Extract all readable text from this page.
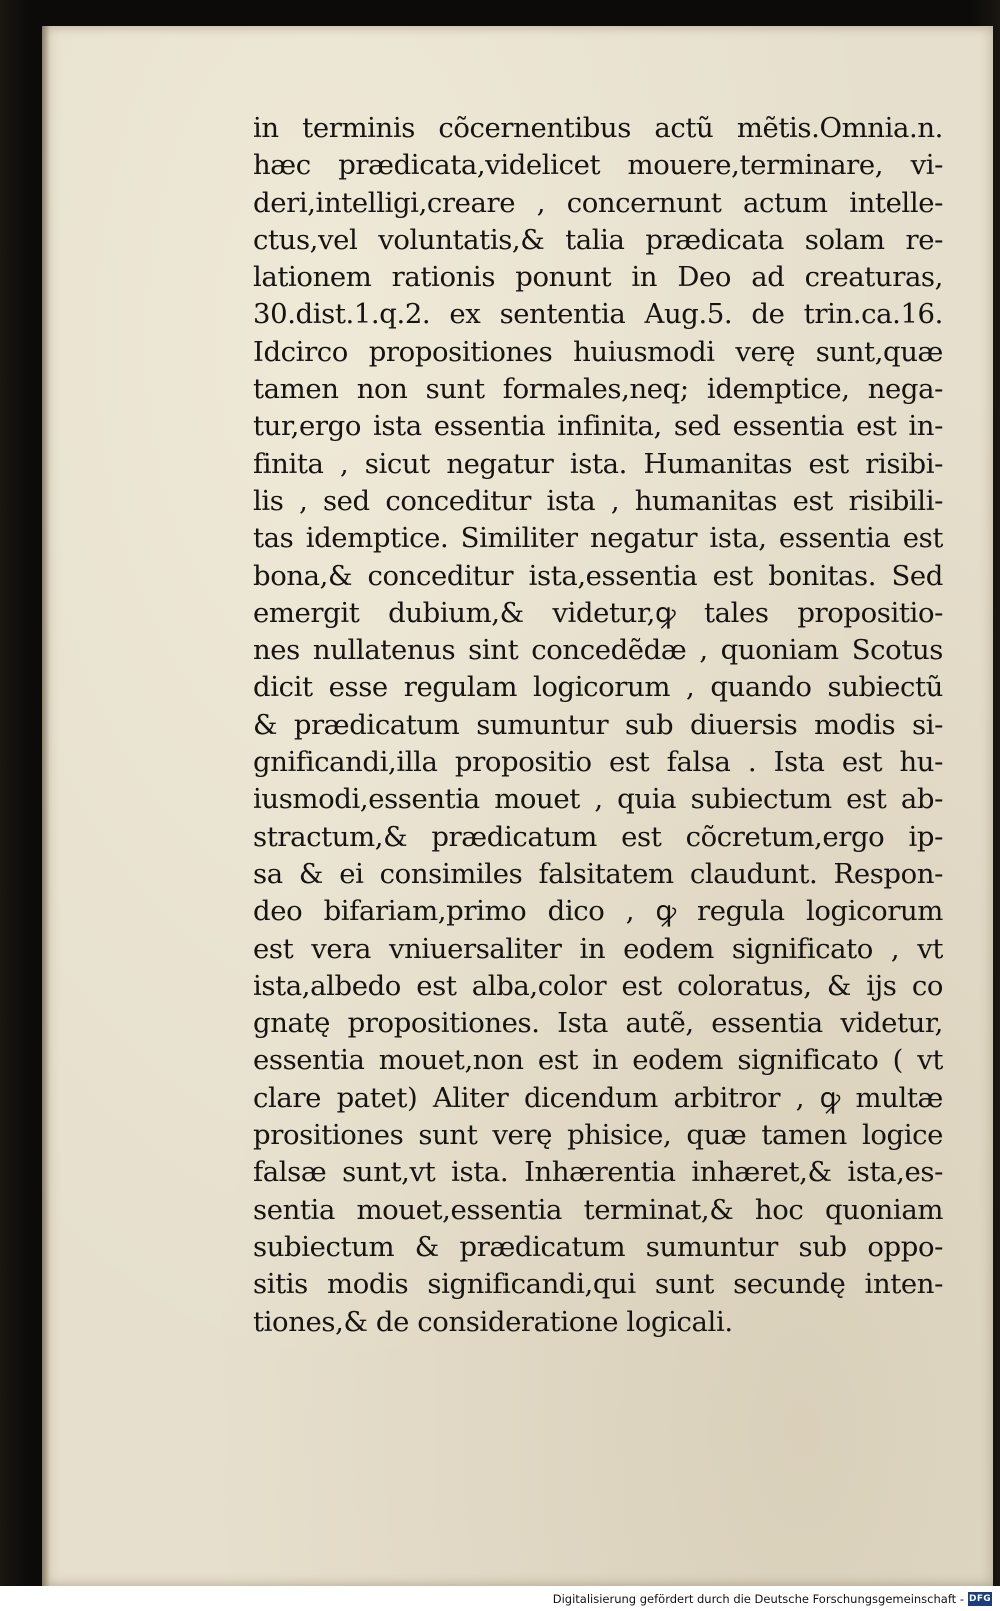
in terminis cõcernentibus actũ mẽtis.Omnia.n.
hæc prædicata,videlicet mouere,terminare, vi-
deri,intelligi,creare , concernunt actum intelle-
ctus,vel voluntatis,& talia prædicata solam re-
lationem rationis ponunt in Deo ad creaturas,
30.dist.1.q.2. ex sententia Aug.5. de trin.ca.16.
Idcirco propositiones huiusmodi verę sunt,quæ
tamen non sunt formales,neq; idemptice, nega-
tur,ergo ista essentia infinita, sed essentia est in-
finita , sicut negatur ista. Humanitas est risibi-
lis , sed conceditur ista , humanitas est risibili-
tas idemptice. Similiter negatur ista, essentia est
bona,& conceditur ista,essentia est bonitas. Sed
emergit dubium,& videtur,ꝙ tales propositio-
nes nullatenus sint concedẽdæ , quoniam Scotus
dicit esse regulam logicorum , quando subiectũ
& prædicatum sumuntur sub diuersis modis si-
gnificandi,illa propositio est falsa . Ista est hu-
iusmodi,essentia mouet , quia subiectum est ab-
stractum,& prædicatum est cõcretum,ergo ip-
sa & ei consimiles falsitatem claudunt. Respon-
deo bifariam,primo dico , ꝙ regula logicorum
est vera vniuersaliter in eodem significato , vt
ista,albedo est alba,color est coloratus, & ijs co
gnatę propositiones. Ista autẽ, essentia videtur,
essentia mouet,non est in eodem significato ( vt
clare patet) Aliter dicendum arbitror , ꝙ multæ
prositiones sunt verę phisice, quæ tamen logice
falsæ sunt,vt ista. Inhærentia inhæret,& ista,es-
sentia mouet,essentia terminat,& hoc quoniam
subiectum & prædicatum sumuntur sub oppo-
sitis modis significandi,qui sunt secundę inten-
tiones,& de consideratione logicali.
Digitalisierung gefördert durch die Deutsche Forschungsgemeinschaft - DFG
